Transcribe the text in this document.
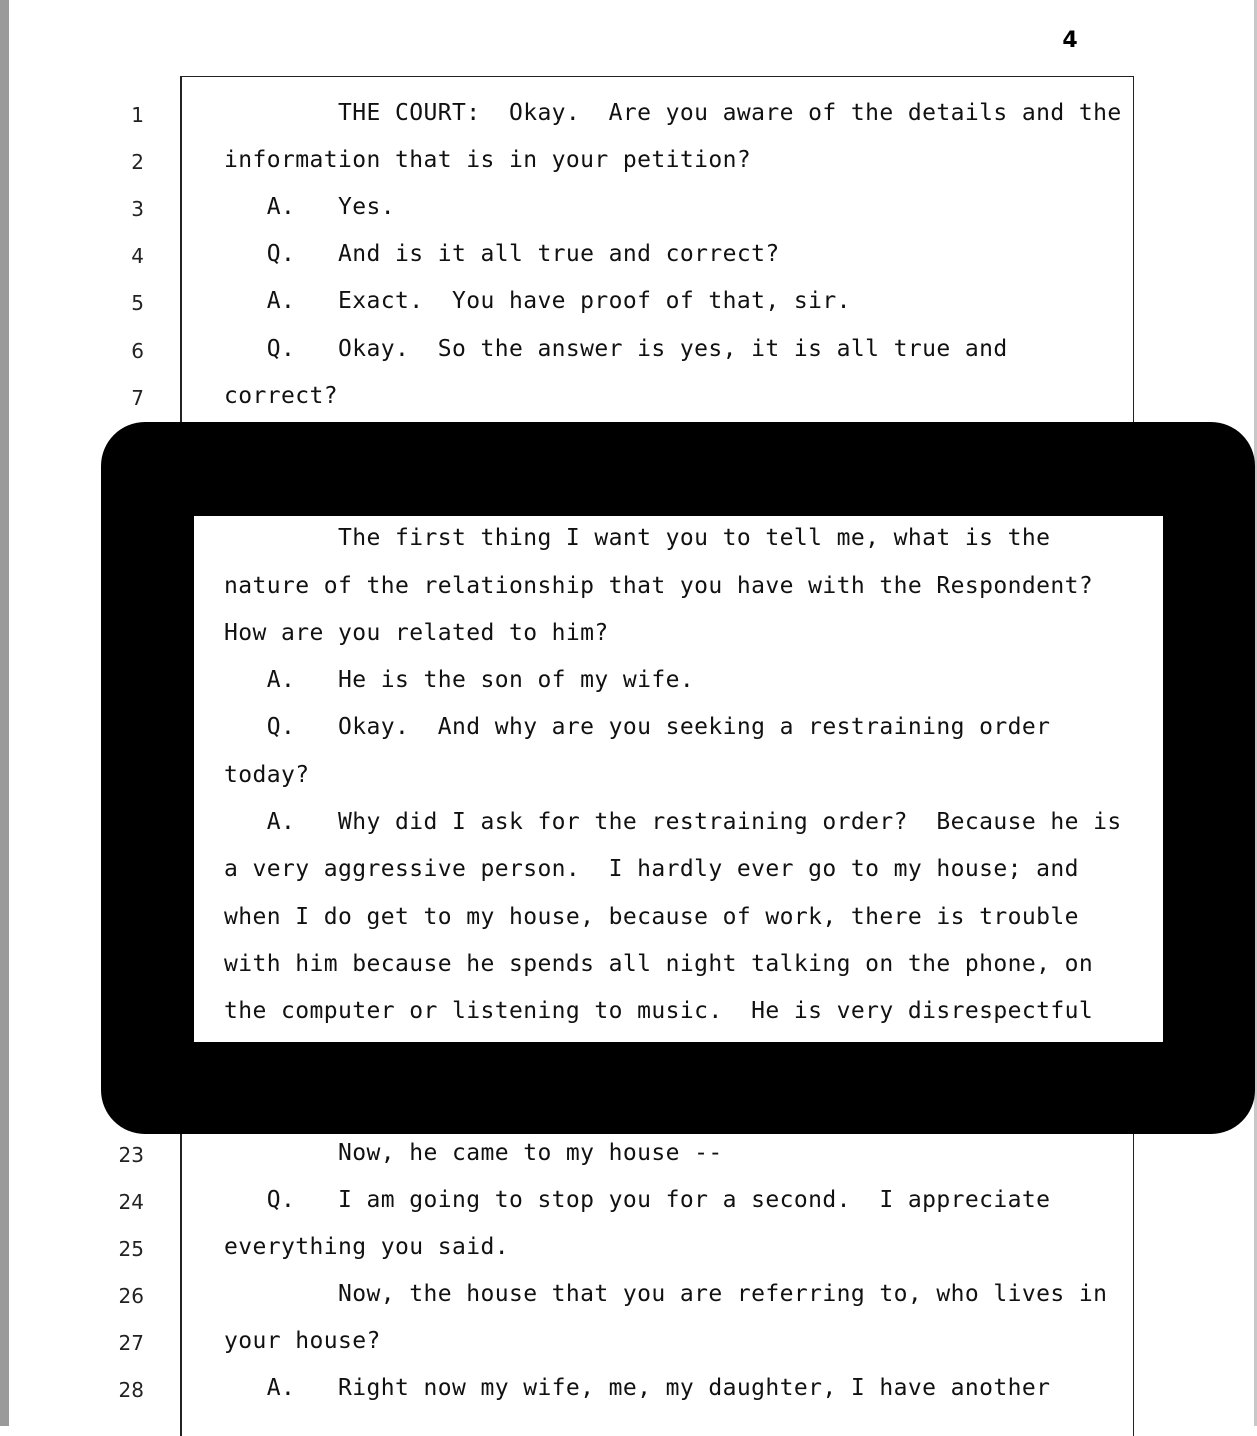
4
1	THE COURT:  Okay.  Are you aware of the details and the
2	information that is in your petition?
3	A.   Yes.
4	Q.   And is it all true and correct?
5	A.   Exact.  You have proof of that, sir.
6	Q.   Okay.  So the answer is yes, it is all true and
7	correct?
The first thing I want you to tell me, what is the
nature of the relationship that you have with the Respondent?
How are you related to him?
A.   He is the son of my wife.
Q.   Okay.  And why are you seeking a restraining order
today?
A.   Why did I ask for the restraining order?  Because he is
a very aggressive person.  I hardly ever go to my house; and
when I do get to my house, because of work, there is trouble
with him because he spends all night talking on the phone, on
the computer or listening to music.  He is very disrespectful
23	Now, he came to my house --
24	Q.   I am going to stop you for a second.  I appreciate
25	everything you said.
26	Now, the house that you are referring to, who lives in
27	your house?
28	A.   Right now my wife, me, my daughter, I have another
